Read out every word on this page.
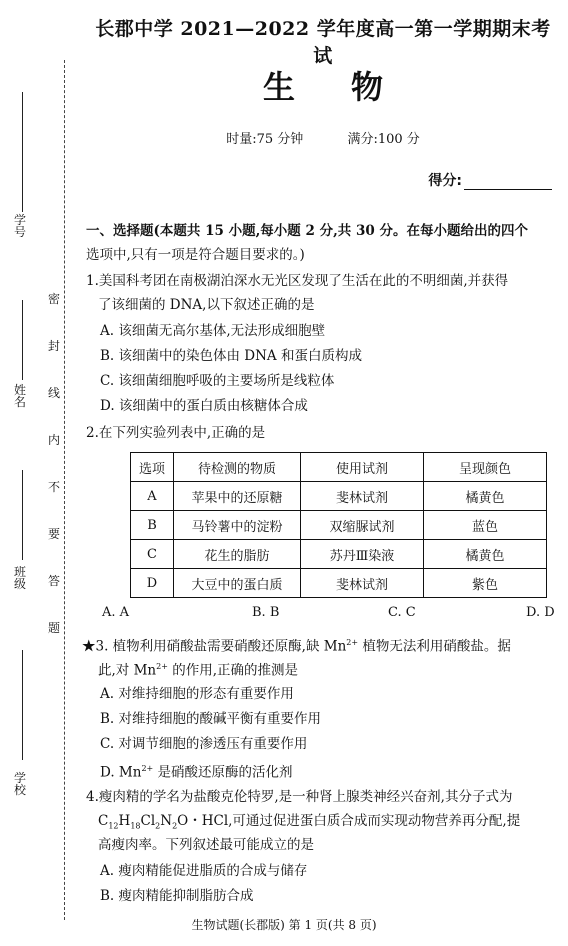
学号
姓名
班级
学校
密封线内不要答题
长郡中学 2021—2022 学年度高一第一学期期末考试
生物
时量:75 分钟	满分:100 分
得分:
一、选择题(本题共 15 小题,每小题 2 分,共 30 分。在每小题给出的四个
选项中,只有一项是符合题目要求的。)
1.美国科考团在南极湖泊深水无光区发现了生活在此的不明细菌,并获得
了该细菌的 DNA,以下叙述正确的是
A. 该细菌无高尔基体,无法形成细胞壁
B. 该细菌中的染色体由 DNA 和蛋白质构成
C. 该细菌细胞呼吸的主要场所是线粒体
D. 该细菌中的蛋白质由核糖体合成
2.在下列实验列表中,正确的是
选项	待检测的物质	使用试剂	呈现颜色
A	苹果中的还原糖	斐林试剂	橘黄色
B	马铃薯中的淀粉	双缩脲试剂	蓝色
C	花生的脂肪	苏丹Ⅲ染液	橘黄色
D	大豆中的蛋白质	斐林试剂	紫色
A. A	B. B	C. C	D. D
★3. 植物利用硝酸盐需要硝酸还原酶,缺 $Mn^{2+}$ 植物无法利用硝酸盐。据
此,对 $Mn^{2+}$ 的作用,正确的推测是
A. 对维持细胞的形态有重要作用
B. 对维持细胞的酸碱平衡有重要作用
C. 对调节细胞的渗透压有重要作用
D. $Mn^{2+}$ 是硝酸还原酶的活化剂
4.瘦肉精的学名为盐酸克伦特罗,是一种肾上腺类神经兴奋剂,其分子式为
$C_{12}H_{18}Cl_2N_2O$・HCl,可通过促进蛋白质合成而实现动物营养再分配,提
高瘦肉率。下列叙述最可能成立的是
A. 瘦肉精能促进脂质的合成与储存
B. 瘦肉精能抑制脂肪合成
生物试题(长郡版) 第 1 页(共 8 页)
